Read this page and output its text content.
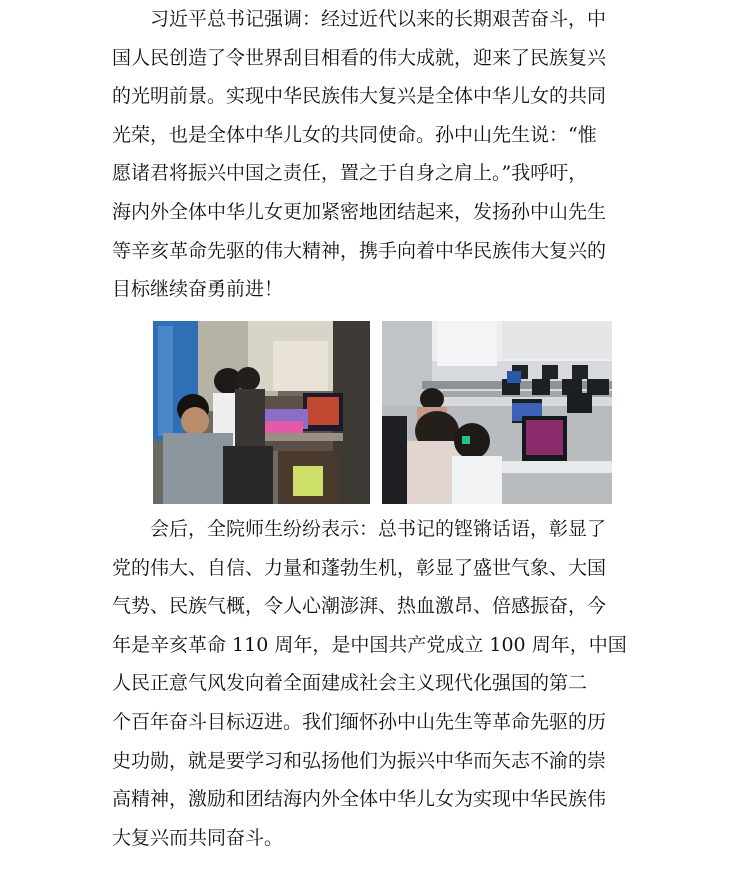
　　习近平总书记强调：经过近代以来的长期艰苦奋斗，中
国人民创造了令世界刮目相看的伟大成就，迎来了民族复兴
的光明前景。实现中华民族伟大复兴是全体中华儿女的共同
光荣，也是全体中华儿女的共同使命。孙中山先生说：“惟
愿诸君将振兴中国之责任，置之于自身之肩上。”我呼吁，
海内外全体中华儿女更加紧密地团结起来，发扬孙中山先生
等辛亥革命先驱的伟大精神，携手向着中华民族伟大复兴的
目标继续奋勇前进！

　　会后，全院师生纷纷表示：总书记的铿锵话语，彰显了
党的伟大、自信、力量和蓬勃生机，彰显了盛世气象、大国
气势、民族气概，令人心潮澎湃、热血激昂、倍感振奋，今
年是辛亥革命 110 周年，是中国共产党成立 100 周年，中国
人民正意气风发向着全面建成社会主义现代化强国的第二
个百年奋斗目标迈进。我们缅怀孙中山先生等革命先驱的历
史功勋，就是要学习和弘扬他们为振兴中华而矢志不渝的崇
高精神，激励和团结海内外全体中华儿女为实现中华民族伟
大复兴而共同奋斗。
